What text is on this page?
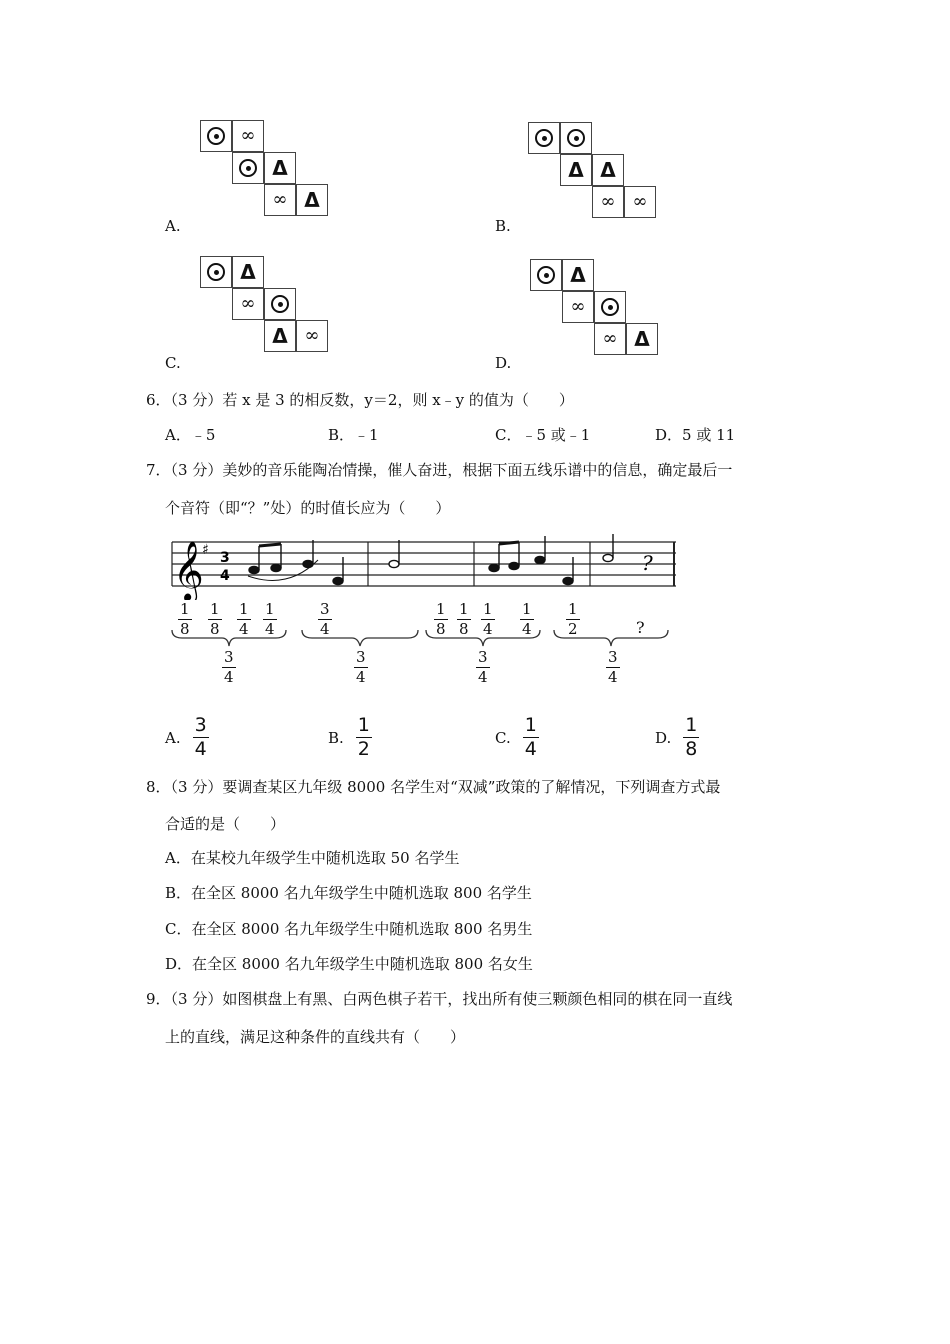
∞
Δ
∞ Δ
A.
Δ Δ
∞ ∞
B.
Δ
∞
Δ ∞
C.
Δ
∞
∞ Δ
D.
6．（3 分）若 x 是 3 的相反数，y＝2，则 x﹣y 的值为（　　）
A．﹣5	B．﹣1	C．﹣5 或﹣1	D．5 或 11
7．（3 分）美妙的音乐能陶冶情操，催人奋进，根据下面五线乐谱中的信息，确定最后一
个音符（即“？”处）的时值长应为（　　）
𝄞
♯ 3
4
?
$\frac{1}{8} \frac{1}{8} \frac{1}{4} \frac{1}{4}$	$\frac{3}{4}$	$\frac{1}{8} \frac{1}{8} \frac{1}{4} \frac{1}{4} \frac{1}{2}$	?
$\frac{3}{4}$	$\frac{3}{4}$	$\frac{3}{4}$	$\frac{3}{4}$
A. $\frac{3}{4}$	B. $\frac{1}{2}$	C. $\frac{1}{4}$	D. $\frac{1}{8}$
8．（3 分）要调查某区九年级 8000 名学生对“双减”政策的了解情况，下列调查方式最
合适的是（　　）
A．在某校九年级学生中随机选取 50 名学生
B．在全区 8000 名九年级学生中随机选取 800 名学生
C．在全区 8000 名九年级学生中随机选取 800 名男生
D．在全区 8000 名九年级学生中随机选取 800 名女生
9．（3 分）如图棋盘上有黑、白两色棋子若干，找出所有使三颗颜色相同的棋在同一直线
上的直线，满足这种条件的直线共有（　　）
